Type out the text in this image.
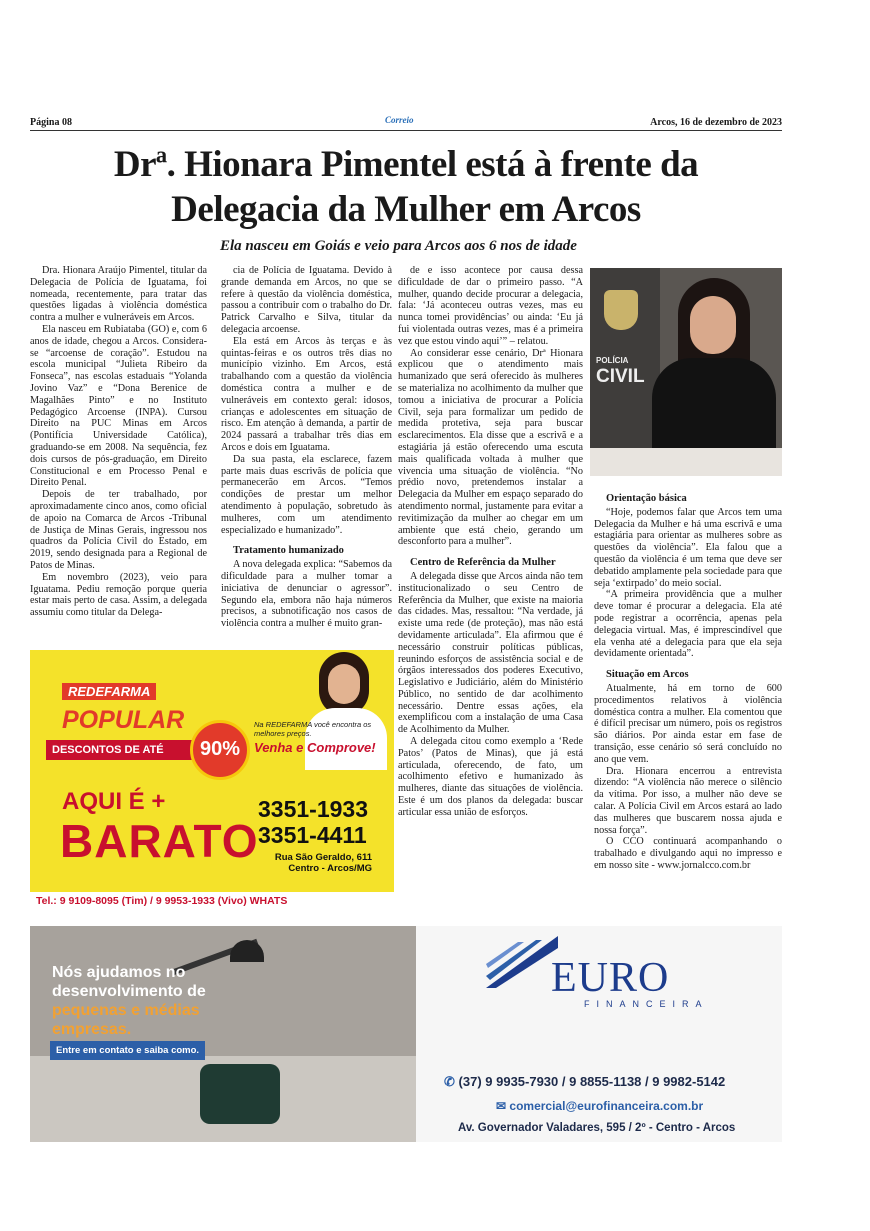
Página 08	Correio	Arcos, 16 de dezembro de 2023
Drª. Hionara Pimentel está à frente da
Delegacia da Mulher em Arcos
Ela nasceu em Goiás e veio para Arcos aos 6 nos de idade

Dra. Hionara Araújo Pimentel, titular da Delegacia de Polícia de Iguatama, foi nomeada, recentemente, para tratar das questões ligadas à violência doméstica contra a mulher e vulneráveis em Arcos.

Ela nasceu em Rubiataba (GO) e, com 6 anos de idade, chegou a Arcos. Considera-se “arcoense de coração”. Estudou na escola municipal “Julieta Ribeiro da Fonseca”, nas escolas estaduais “Yolanda Jovino Vaz” e “Dona Berenice de Magalhães Pinto” e no Instituto Pedagógico Arcoense (INPA). Cursou Direito na PUC Minas em Arcos (Pontifícia Universidade Católica), graduando-se em 2008. Na sequência, fez dois cursos de pós-graduação, em Direito Constitucional e em Processo Penal e Direito Penal.

Depois de ter trabalhado, por aproximadamente cinco anos, como oficial de apoio na Comarca de Arcos -Tribunal de Justiça de Minas Gerais, ingressou nos quadros da Polícia Civil do Estado, em 2019, sendo designada para a Regional de Patos de Minas.

Em novembro (2023), veio para Iguatama. Pediu remoção porque queria estar mais perto de casa. Assim, a delegada assumiu como titular da Delega-

cia de Polícia de Iguatama. Devido à grande demanda em Arcos, no que se refere à questão da violência doméstica, passou a contribuir com o trabalho do Dr. Patrick Carvalho e Silva, titular da delegacia arcoense.

Ela está em Arcos às terças e às quintas-feiras e os outros três dias no município vizinho. Em Arcos, está trabalhando com a questão da violência doméstica contra a mulher e de vulneráveis em contexto geral: idosos, crianças e adolescentes em situação de risco. Em atenção à demanda, a partir de 2024 passará a trabalhar três dias em Arcos e dois em Iguatama.

Da sua pasta, ela esclarece, fazem parte mais duas escrivãs de polícia que permanecerão em Arcos. “Temos condições de prestar um melhor atendimento à população, sobretudo às mulheres, com um atendimento especializado e humanizado”.

Tratamento humanizado

A nova delegada explica: “Sabemos da dificuldade para a mulher tomar a iniciativa de denunciar o agressor”. Segundo ela, embora não haja números precisos, a subnotificação nos casos de violência contra a mulher é muito gran-

de e isso acontece por causa dessa dificuldade de dar o primeiro passo. “A mulher, quando decide procurar a delegacia, fala: ‘Já aconteceu outras vezes, mas eu nunca tomei providências’ ou ainda: ‘Eu já fui violentada outras vezes, mas é a primeira vez que estou vindo aqui’” – relatou.

Ao considerar esse cenário, Drª Hionara explicou que o atendimento mais humanizado que será oferecido às mulheres se materializa no acolhimento da mulher que tomou a iniciativa de procurar a Polícia Civil, seja para formalizar um pedido de medida protetiva, seja para buscar esclarecimentos. Ela disse que a escrivã e a estagiária já estão oferecendo uma escuta mais qualificada voltada à mulher que vivencia uma situação de violência. “No prédio novo, pretendemos instalar a Delegacia da Mulher em espaço separado do atendimento normal, justamente para evitar a revitimização da mulher ao chegar em um ambiente que está cheio, gerando um desconforto para a mulher”.

Centro de Referência da Mulher

A delegada disse que Arcos ainda não tem institucionalizado o seu Centro de Referência da Mulher, que existe na maioria das cidades. Mas, ressaltou: “Na verdade, já existe uma rede (de proteção), mas não está devidamente articulada”. Ela afirmou que é necessário construir políticas públicas, reunindo esforços de assistência social e de órgãos interessados dos poderes Executivo, Legislativo e Judiciário, além do Ministério Público, no sentido de dar acolhimento necessário. Dentre essas ações, ela exemplificou com a instalação de uma Casa de Acolhimento da Mulher.

A delegada citou como exemplo a ‘Rede Patos’ (Patos de Minas), que já está articulada, oferecendo, de fato, um acolhimento efetivo e humanizado às mulheres, diante das situações de violência. Este é um dos planos da delegada: buscar articular essa união de esforços.

POLÍCIA
CIVIL
Orientação básica

“Hoje, podemos falar que Arcos tem uma Delegacia da Mulher e há uma escrivã e uma estagiária para orientar as mulheres sobre as questões da violência”. Ela falou que a questão da violência é um tema que deve ser debatido amplamente pela sociedade para que seja ‘extirpado’ do meio social.

“A primeira providência que a mulher deve tomar é procurar a delegacia. Ela até pode registrar a ocorrência, apenas pela delegacia virtual. Mas, é imprescindível que ela venha até a delegacia para que ela seja devidamente orientada”.

Situação em Arcos

Atualmente, há em torno de 600 procedimentos relativos à violência doméstica contra a mulher. Ela comentou que é difícil precisar um número, pois os registros são diários. Por ainda estar em fase de transição, esse cenário só será concluído no ano que vem.

Dra. Hionara encerrou a entrevista dizendo: “A violência não merece o silêncio da vítima. Por isso, a mulher não deve se calar. A Polícia Civil em Arcos estará ao lado das mulheres que buscarem nossa ajuda e nossa força”.

O CCO continuará acompanhando o trabalhado e divulgando aqui no impresso e em nosso site - www.jornalcco.com.br

REDEFARMA
POPULAR
DESCONTOS DE ATÉ	90%
Na REDEFARMA você encontra os melhores preços.
Venha e Comprove!
AQUI É +
BARATO
3351-1933
3351-4411
Rua São Geraldo, 611
Centro - Arcos/MG
Tel.: 9 9109-8095 (Tim) / 9 9953-1933 (Vivo) WHATS
Nós ajudamos no desenvolvimento de pequenas e médias empresas.
Entre em contato e saiba como.
EURO
FINANCEIRA
✆ (37) 9 9935-7930 / 9 8855-1138 / 9 9982-5142
✉ comercial@eurofinanceira.com.br
Av. Governador Valadares, 595 / 2º - Centro - Arcos
